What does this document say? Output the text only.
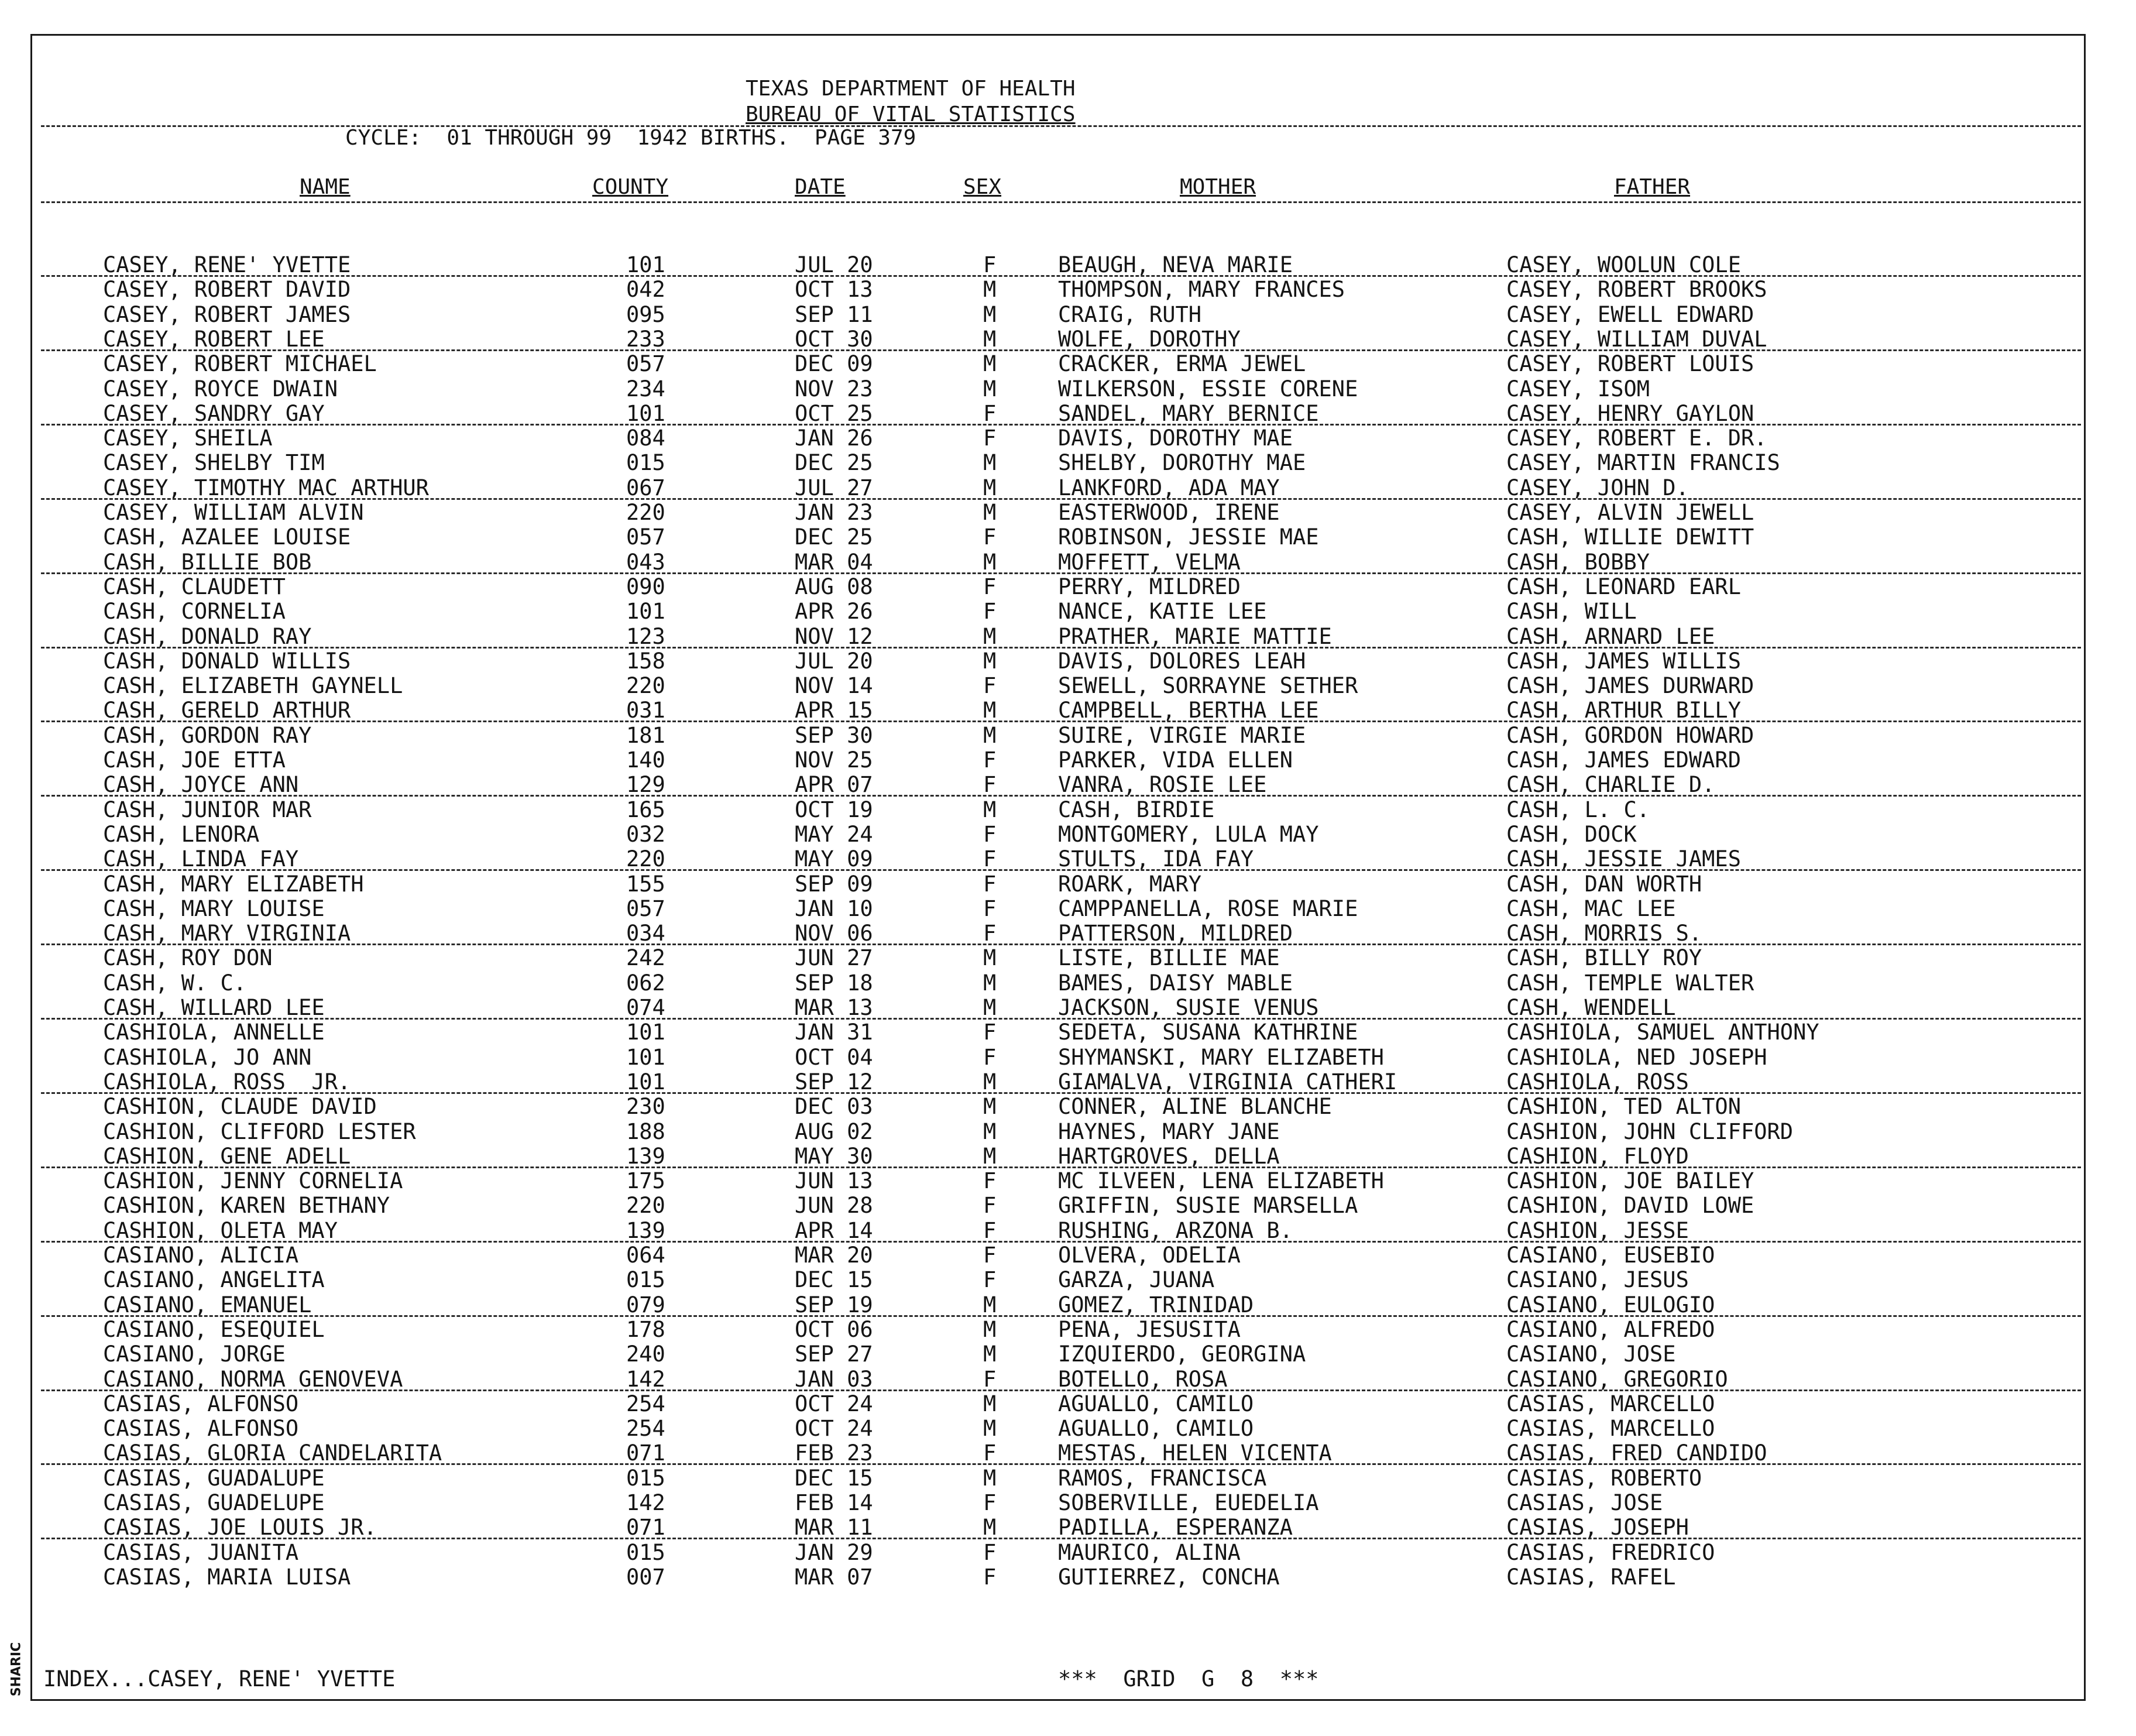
TEXAS DEPARTMENT OF HEALTH
BUREAU OF VITAL STATISTICS
CYCLE:  01 THROUGH 99  1942 BIRTHS.  PAGE 379
NAME	COUNTY	DATE	SEX	MOTHER	FATHER
CASEY, RENE' YVETTE	101	JUL 20	F	BEAUGH, NEVA MARIE	CASEY, WOOLUN COLE
CASEY, ROBERT DAVID	042	OCT 13	M	THOMPSON, MARY FRANCES	CASEY, ROBERT BROOKS
CASEY, ROBERT JAMES	095	SEP 11	M	CRAIG, RUTH	CASEY, EWELL EDWARD
CASEY, ROBERT LEE	233	OCT 30	M	WOLFE, DOROTHY	CASEY, WILLIAM DUVAL
CASEY, ROBERT MICHAEL	057	DEC 09	M	CRACKER, ERMA JEWEL	CASEY, ROBERT LOUIS
CASEY, ROYCE DWAIN	234	NOV 23	M	WILKERSON, ESSIE CORENE	CASEY, ISOM
CASEY, SANDRY GAY	101	OCT 25	F	SANDEL, MARY BERNICE	CASEY, HENRY GAYLON
CASEY, SHEILA	084	JAN 26	F	DAVIS, DOROTHY MAE	CASEY, ROBERT E. DR.
CASEY, SHELBY TIM	015	DEC 25	M	SHELBY, DOROTHY MAE	CASEY, MARTIN FRANCIS
CASEY, TIMOTHY MAC ARTHUR	067	JUL 27	M	LANKFORD, ADA MAY	CASEY, JOHN D.
CASEY, WILLIAM ALVIN	220	JAN 23	M	EASTERWOOD, IRENE	CASEY, ALVIN JEWELL
CASH, AZALEE LOUISE	057	DEC 25	F	ROBINSON, JESSIE MAE	CASH, WILLIE DEWITT
CASH, BILLIE BOB	043	MAR 04	M	MOFFETT, VELMA	CASH, BOBBY
CASH, CLAUDETT	090	AUG 08	F	PERRY, MILDRED	CASH, LEONARD EARL
CASH, CORNELIA	101	APR 26	F	NANCE, KATIE LEE	CASH, WILL
CASH, DONALD RAY	123	NOV 12	M	PRATHER, MARIE MATTIE	CASH, ARNARD LEE
CASH, DONALD WILLIS	158	JUL 20	M	DAVIS, DOLORES LEAH	CASH, JAMES WILLIS
CASH, ELIZABETH GAYNELL	220	NOV 14	F	SEWELL, SORRAYNE SETHER	CASH, JAMES DURWARD
CASH, GERELD ARTHUR	031	APR 15	M	CAMPBELL, BERTHA LEE	CASH, ARTHUR BILLY
CASH, GORDON RAY	181	SEP 30	M	SUIRE, VIRGIE MARIE	CASH, GORDON HOWARD
CASH, JOE ETTA	140	NOV 25	F	PARKER, VIDA ELLEN	CASH, JAMES EDWARD
CASH, JOYCE ANN	129	APR 07	F	VANRA, ROSIE LEE	CASH, CHARLIE D.
CASH, JUNIOR MAR	165	OCT 19	M	CASH, BIRDIE	CASH, L. C.
CASH, LENORA	032	MAY 24	F	MONTGOMERY, LULA MAY	CASH, DOCK
CASH, LINDA FAY	220	MAY 09	F	STULTS, IDA FAY	CASH, JESSIE JAMES
CASH, MARY ELIZABETH	155	SEP 09	F	ROARK, MARY	CASH, DAN WORTH
CASH, MARY LOUISE	057	JAN 10	F	CAMPPANELLA, ROSE MARIE	CASH, MAC LEE
CASH, MARY VIRGINIA	034	NOV 06	F	PATTERSON, MILDRED	CASH, MORRIS S.
CASH, ROY DON	242	JUN 27	M	LISTE, BILLIE MAE	CASH, BILLY ROY
CASH, W. C.	062	SEP 18	M	BAMES, DAISY MABLE	CASH, TEMPLE WALTER
CASH, WILLARD LEE	074	MAR 13	M	JACKSON, SUSIE VENUS	CASH, WENDELL
CASHIOLA, ANNELLE	101	JAN 31	F	SEDETA, SUSANA KATHRINE	CASHIOLA, SAMUEL ANTHONY
CASHIOLA, JO ANN	101	OCT 04	F	SHYMANSKI, MARY ELIZABETH	CASHIOLA, NED JOSEPH
CASHIOLA, ROSS  JR.	101	SEP 12	M	GIAMALVA, VIRGINIA CATHERI	CASHIOLA, ROSS
CASHION, CLAUDE DAVID	230	DEC 03	M	CONNER, ALINE BLANCHE	CASHION, TED ALTON
CASHION, CLIFFORD LESTER	188	AUG 02	M	HAYNES, MARY JANE	CASHION, JOHN CLIFFORD
CASHION, GENE ADELL	139	MAY 30	M	HARTGROVES, DELLA	CASHION, FLOYD
CASHION, JENNY CORNELIA	175	JUN 13	F	MC ILVEEN, LENA ELIZABETH	CASHION, JOE BAILEY
CASHION, KAREN BETHANY	220	JUN 28	F	GRIFFIN, SUSIE MARSELLA	CASHION, DAVID LOWE
CASHION, OLETA MAY	139	APR 14	F	RUSHING, ARZONA B.	CASHION, JESSE
CASIANO, ALICIA	064	MAR 20	F	OLVERA, ODELIA	CASIANO, EUSEBIO
CASIANO, ANGELITA	015	DEC 15	F	GARZA, JUANA	CASIANO, JESUS
CASIANO, EMANUEL	079	SEP 19	M	GOMEZ, TRINIDAD	CASIANO, EULOGIO
CASIANO, ESEQUIEL	178	OCT 06	M	PENA, JESUSITA	CASIANO, ALFREDO
CASIANO, JORGE	240	SEP 27	M	IZQUIERDO, GEORGINA	CASIANO, JOSE
CASIANO, NORMA GENOVEVA	142	JAN 03	F	BOTELLO, ROSA	CASIANO, GREGORIO
CASIAS, ALFONSO	254	OCT 24	M	AGUALLO, CAMILO	CASIAS, MARCELLO
CASIAS, ALFONSO	254	OCT 24	M	AGUALLO, CAMILO	CASIAS, MARCELLO
CASIAS, GLORIA CANDELARITA	071	FEB 23	F	MESTAS, HELEN VICENTA	CASIAS, FRED CANDIDO
CASIAS, GUADALUPE	015	DEC 15	M	RAMOS, FRANCISCA	CASIAS, ROBERTO
CASIAS, GUADELUPE	142	FEB 14	F	SOBERVILLE, EUEDELIA	CASIAS, JOSE
CASIAS, JOE LOUIS JR.	071	MAR 11	M	PADILLA, ESPERANZA	CASIAS, JOSEPH
CASIAS, JUANITA	015	JAN 29	F	MAURICO, ALINA	CASIAS, FREDRICO
CASIAS, MARIA LUISA	007	MAR 07	F	GUTIERREZ, CONCHA	CASIAS, RAFEL
INDEX...CASEY, RENE' YVETTE	***  GRID  G  8  ***
SHARIC
